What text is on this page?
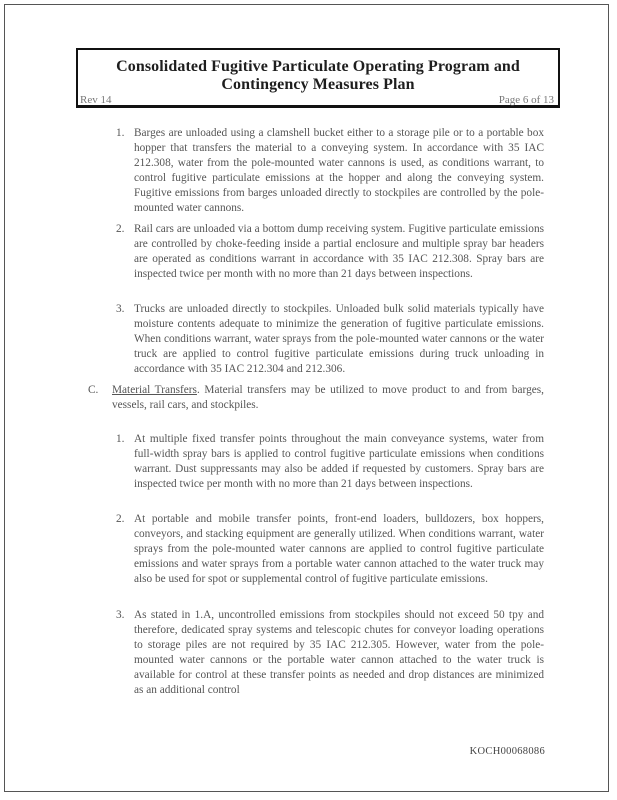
Consolidated Fugitive Particulate Operating Program and
Contingency Measures Plan
Rev 14	Page 6 of 13
1. Barges are unloaded using a clamshell bucket either to a storage pile or to a portable box hopper that transfers the material to a conveying system. In accordance with 35 IAC 212.308, water from the pole-mounted water cannons is used, as conditions warrant, to control fugitive particulate emissions at the hopper and along the conveying system. Fugitive emissions from barges unloaded directly to stockpiles are controlled by the pole-mounted water cannons.
2. Rail cars are unloaded via a bottom dump receiving system. Fugitive particulate emissions are controlled by choke-feeding inside a partial enclosure and multiple spray bar headers are operated as conditions warrant in accordance with 35 IAC 212.308. Spray bars are inspected twice per month with no more than 21 days between inspections.
3. Trucks are unloaded directly to stockpiles. Unloaded bulk solid materials typically have moisture contents adequate to minimize the generation of fugitive particulate emissions. When conditions warrant, water sprays from the pole-mounted water cannons or the water truck are applied to control fugitive particulate emissions during truck unloading in accordance with 35 IAC 212.304 and 212.306.
C. Material Transfers. Material transfers may be utilized to move product to and from barges, vessels, rail cars, and stockpiles.
1. At multiple fixed transfer points throughout the main conveyance systems, water from full-width spray bars is applied to control fugitive particulate emissions when conditions warrant. Dust suppressants may also be added if requested by customers. Spray bars are inspected twice per month with no more than 21 days between inspections.
2. At portable and mobile transfer points, front-end loaders, bulldozers, box hoppers, conveyors, and stacking equipment are generally utilized. When conditions warrant, water sprays from the pole-mounted water cannons are applied to control fugitive particulate emissions and water sprays from a portable water cannon attached to the water truck may also be used for spot or supplemental control of fugitive particulate emissions.
3. As stated in 1.A, uncontrolled emissions from stockpiles should not exceed 50 tpy and therefore, dedicated spray systems and telescopic chutes for conveyor loading operations to storage piles are not required by 35 IAC 212.305. However, water from the pole-mounted water cannons or the portable water cannon attached to the water truck is available for control at these transfer points as needed and drop distances are minimized as an additional control
KOCH00068086
